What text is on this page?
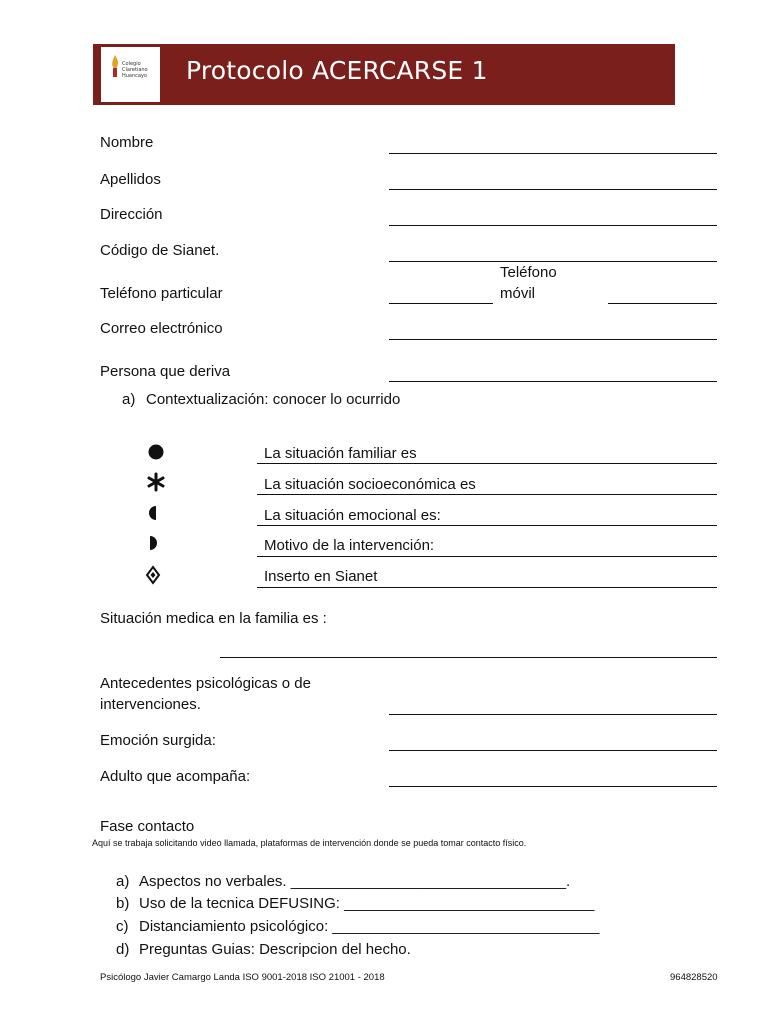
Colegio
Claretiano
Huancayo Protocolo ACERCARSE 1
Nombre
Apellidos
Dirección
Código de Sianet.
Teléfono particular
Teléfono
móvil
Correo electrónico
Persona que deriva
a) Contextualización: conocer lo ocurrido
La situación familiar es
La situación socioeconómica es
La situación emocional es:
Motivo de la intervención:
Inserto en Sianet
Situación medica en la familia es :
Antecedentes psicológicas o de
intervenciones.
Emoción surgida:
Adulto que acompaña:
Fase contacto
Aquí se trabaja solicitando video llamada, plataformas de intervención donde se pueda tomar contacto físico.
a) Aspectos no verbales. _________________________________.
b) Uso de la tecnica DEFUSING: ______________________________
c) Distanciamiento psicológico: ________________________________
d) Preguntas Guias: Descripcion del hecho.
Psicólogo Javier Camargo Landa ISO 9001-2018 ISO 21001 - 2018	964828520
